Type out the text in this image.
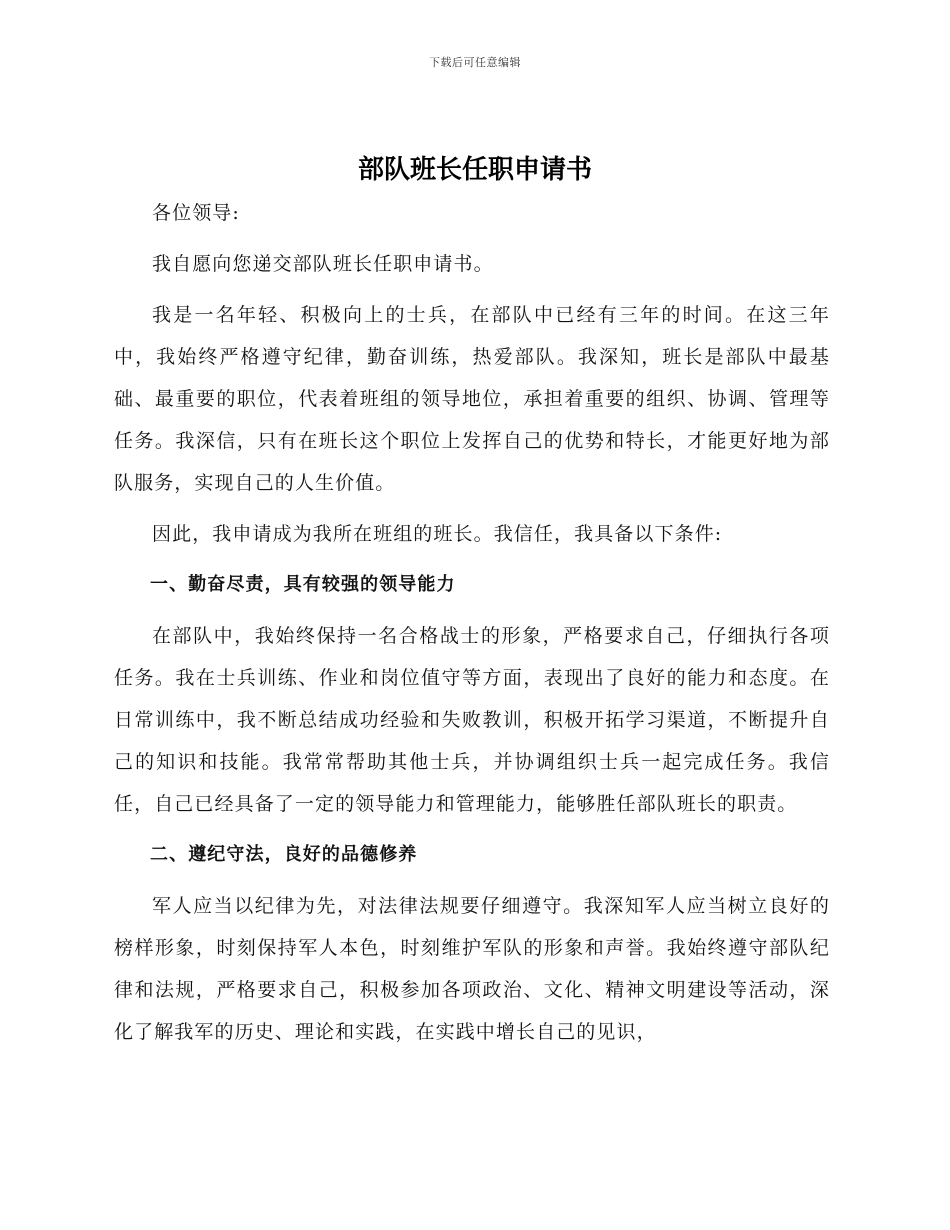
下载后可任意编辑
部队班长任职申请书

各位领导:

我自愿向您递交部队班长任职申请书。

我是一名年轻、积极向上的士兵，在部队中已经有三年的时间。在这三年中，我始终严格遵守纪律，勤奋训练，热爱部队。我深知，班长是部队中最基础、最重要的职位，代表着班组的领导地位，承担着重要的组织、协调、管理等任务。我深信，只有在班长这个职位上发挥自己的优势和特长，才能更好地为部队服务，实现自己的人生价值。

因此，我申请成为我所在班组的班长。我信任，我具备以下条件:

一、勤奋尽责，具有较强的领导能力

在部队中，我始终保持一名合格战士的形象，严格要求自己，仔细执行各项任务。我在士兵训练、作业和岗位值守等方面，表现出了良好的能力和态度。在日常训练中，我不断总结成功经验和失败教训，积极开拓学习渠道，不断提升自己的知识和技能。我常常帮助其他士兵，并协调组织士兵一起完成任务。我信任，自己已经具备了一定的领导能力和管理能力，能够胜任部队班长的职责。

二、遵纪守法，良好的品德修养

军人应当以纪律为先，对法律法规要仔细遵守。我深知军人应当树立良好的榜样形象，时刻保持军人本色，时刻维护军队的形象和声誉。我始终遵守部队纪律和法规，严格要求自己，积极参加各项政治、文化、精神文明建设等活动，深化了解我军的历史、理论和实践，在实践中增长自己的见识，
